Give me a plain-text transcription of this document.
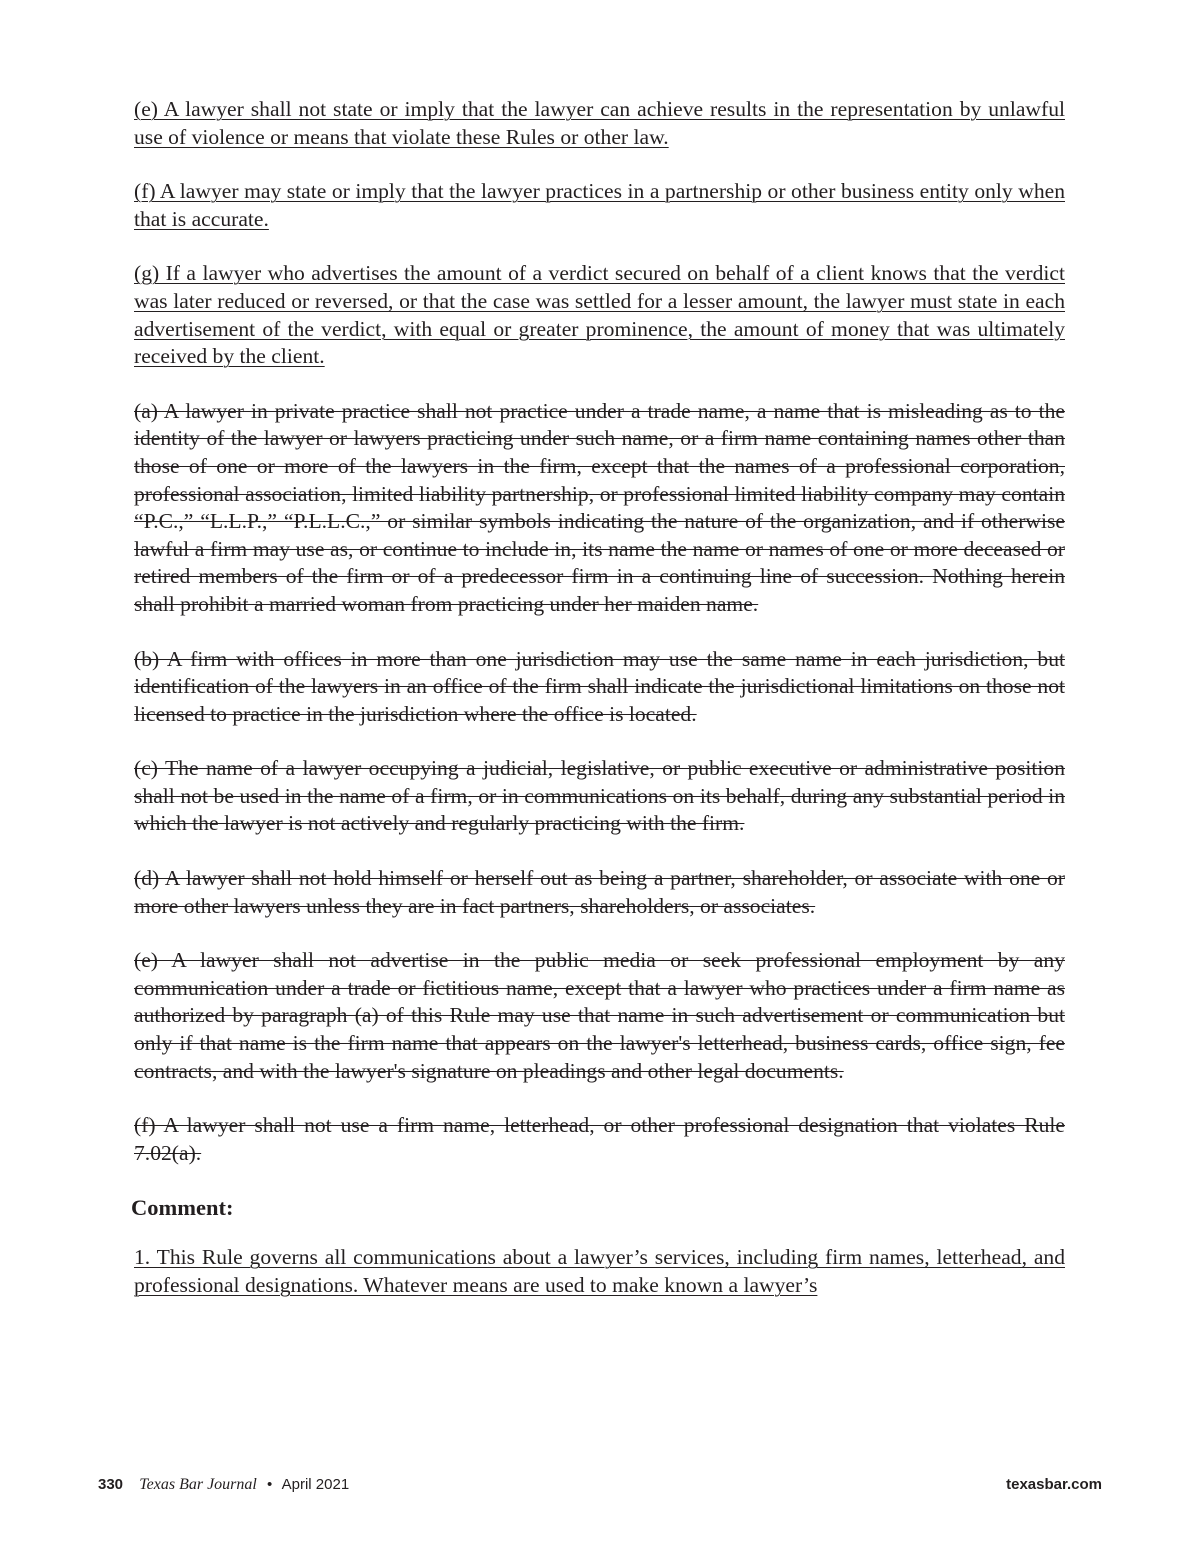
(e) A lawyer shall not state or imply that the lawyer can achieve results in the representation by unlawful use of violence or means that violate these Rules or other law.

(f) A lawyer may state or imply that the lawyer practices in a partnership or other business entity only when that is accurate.

(g) If a lawyer who advertises the amount of a verdict secured on behalf of a client knows that the verdict was later reduced or reversed, or that the case was settled for a lesser amount, the lawyer must state in each advertisement of the verdict, with equal or greater prominence, the amount of money that was ultimately received by the client.

(a) A lawyer in private practice shall not practice under a trade name, a name that is misleading as to the identity of the lawyer or lawyers practicing under such name, or a firm name containing names other than those of one or more of the lawyers in the firm, except that the names of a professional corporation, professional association, limited liability partnership, or professional limited liability company may contain “P.C.,” “L.L.P.,” “P.L.L.C.,” or similar symbols indicating the nature of the organization, and if otherwise lawful a firm may use as, or continue to include in, its name the name or names of one or more deceased or retired members of the firm or of a predecessor firm in a continuing line of succession. Nothing herein shall prohibit a married woman from practicing under her maiden name.

(b) A firm with offices in more than one jurisdiction may use the same name in each jurisdiction, but identification of the lawyers in an office of the firm shall indicate the jurisdictional limitations on those not licensed to practice in the jurisdiction where the office is located.

(c) The name of a lawyer occupying a judicial, legislative, or public executive or administrative position shall not be used in the name of a firm, or in communications on its behalf, during any substantial period in which the lawyer is not actively and regularly practicing with the firm.

(d) A lawyer shall not hold himself or herself out as being a partner, shareholder, or associate with one or more other lawyers unless they are in fact partners, shareholders, or associates.

(e) A lawyer shall not advertise in the public media or seek professional employment by any communication under a trade or fictitious name, except that a lawyer who practices under a firm name as authorized by paragraph (a) of this Rule may use that name in such advertisement or communication but only if that name is the firm name that appears on the lawyer's letterhead, business cards, office sign, fee contracts, and with the lawyer's signature on pleadings and other legal documents.

(f) A lawyer shall not use a firm name, letterhead, or other professional designation that violates Rule 7.02(a).

Comment:

1. This Rule governs all communications about a lawyer’s services, including firm names, letterhead, and professional designations. Whatever means are used to make known a lawyer’s

330 Texas Bar Journal • April 2021	texasbar.com
